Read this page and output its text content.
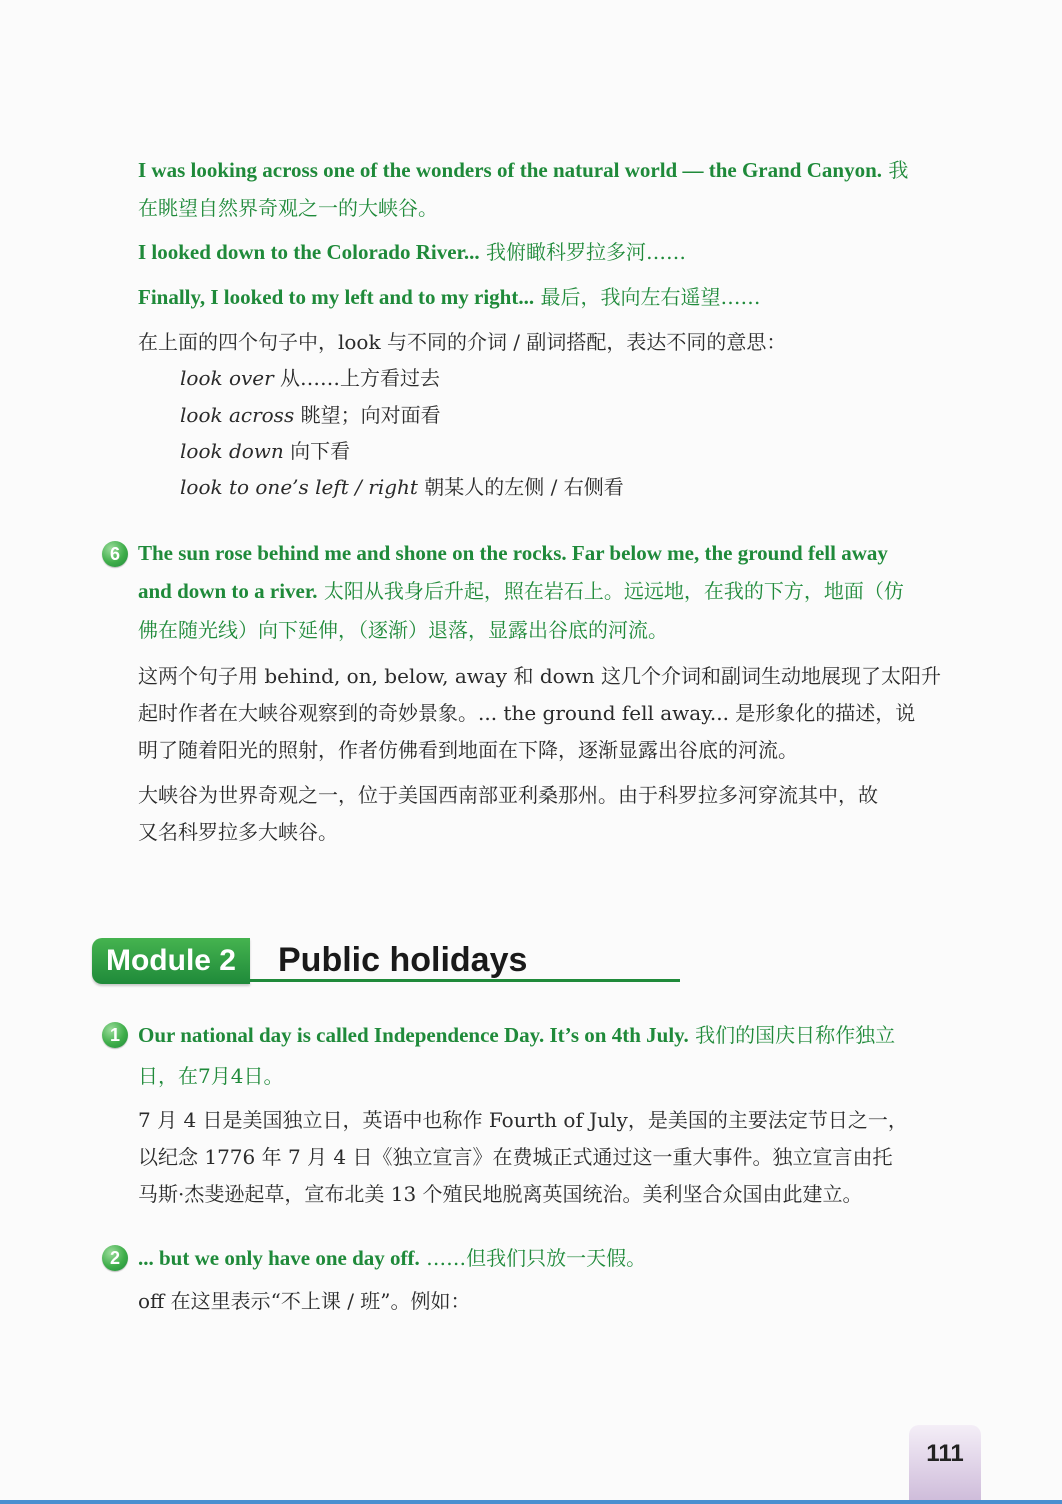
I was looking across one of the wonders of the natural world — the Grand Canyon. 我
在眺望自然界奇观之一的大峡谷。
I looked down to the Colorado River... 我俯瞰科罗拉多河……
Finally, I looked to my left and to my right... 最后，我向左右遥望……
在上面的四个句子中，look 与不同的介词 / 副词搭配，表达不同的意思：
look over 从……上方看过去
look across 眺望；向对面看
look down 向下看
look to one’s left / right 朝某人的左侧 / 右侧看
6 The sun rose behind me and shone on the rocks. Far below me, the ground fell away
and down to a river. 太阳从我身后升起，照在岩石上。远远地，在我的下方，地面（仿
佛在随光线）向下延伸，（逐渐）退落，显露出谷底的河流。
这两个句子用 behind, on, below, away 和 down 这几个介词和副词生动地展现了太阳升
起时作者在大峡谷观察到的奇妙景象。... the ground fell away... 是形象化的描述，说
明了随着阳光的照射，作者仿佛看到地面在下降，逐渐显露出谷底的河流。
大峡谷为世界奇观之一，位于美国西南部亚利桑那州。由于科罗拉多河穿流其中，故
又名科罗拉多大峡谷。
Module 2	Public holidays
1 Our national day is called Independence Day. It’s on 4th July. 我们的国庆日称作独立
日，在7月4日。
7 月 4 日是美国独立日，英语中也称作 Fourth of July，是美国的主要法定节日之一，
以纪念 1776 年 7 月 4 日《独立宣言》在费城正式通过这一重大事件。独立宣言由托
马斯·杰斐逊起草，宣布北美 13 个殖民地脱离英国统治。美利坚合众国由此建立。
2 ... but we only have one day off. ……但我们只放一天假。
off 在这里表示“不上课 / 班”。例如：
111
